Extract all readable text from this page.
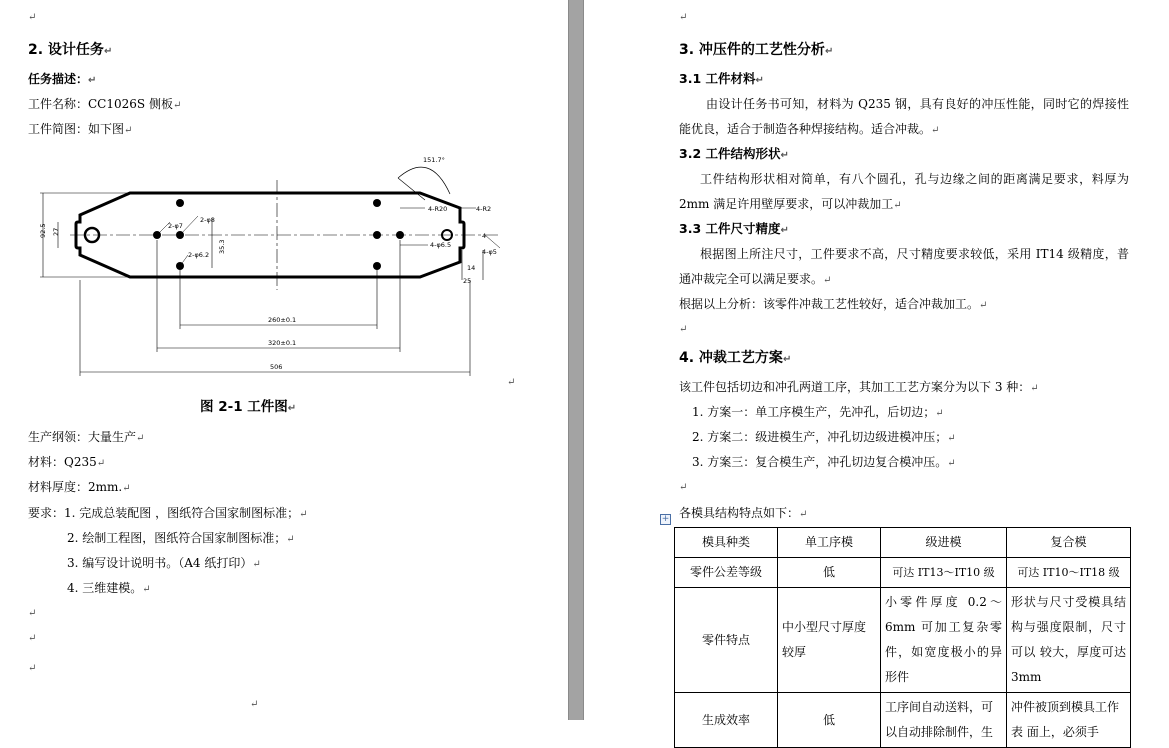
↵
2. 设计任务↵
任务描述：↵
工件名称：CC1026S 侧板↵
工件简图：如下图↵
506
320±0.1
260±0.1
92.5 27
151.7°
4-R20	4-R2
2-φ6.2
2-φ7
2-φ8
4-φ6.5
35.3
14
25
4-φ5
4
↵
图 2-1 工件图↵
生产纲领：大量生产↵
材料：Q235↵
材料厚度：2mm.↵
要求：1. 完成总装配图 ，图纸符合国家制图标准；↵
2. 绘制工程图，图纸符合国家制图标准；↵
3. 编写设计说明书。（A4 纸打印）↵
4. 三维建模。↵
↵
↵
↵
↵
↵
3. 冲压件的工艺性分析↵
3.1 工件材料↵
由设计任务书可知，材料为 Q235 钢，具有良好的冲压性能，同时它的焊接性能优良，适合于制造各种焊接结构。适合冲裁。↵
3.2 工件结构形状↵
工件结构形状相对简单，有八个圆孔，孔与边缘之间的距离满足要求，料厚为 2mm 满足许用壁厚要求，可以冲裁加工↵
3.3 工件尺寸精度↵
根据图上所注尺寸，工件要求不高，尺寸精度要求较低，采用 IT14 级精度，普通冲裁完全可以满足要求。↵
根据以上分析：该零件冲裁工艺性较好，适合冲裁加工。↵
↵
4. 冲裁工艺方案↵
该工件包括切边和冲孔两道工序，其加工工艺方案分为以下 3 种：↵
1. 方案一：单工序模生产，先冲孔，后切边；↵
2. 方案二：级进模生产，冲孔切边级进模冲压；↵
3. 方案三：复合模生产，冲孔切边复合模冲压。↵
↵
各模具结构特点如下：↵
+
模具种类	单工序模	级进模	复合模
零件公差等级	低	可达 IT13～IT10 级	可达 IT10～IT18 级
零件特点	中小型尺寸厚度较厚	小零件厚度 0.2～6mm 可加工复杂零件，如宽度极小的异形件	形状与尺寸受模具结构与强度限制，尺寸可以 较大，厚度可达 3mm
生成效率	低	工序间自动送料，可以自动排除制件，生	冲件被顶到模具工作表 面上，必须手
